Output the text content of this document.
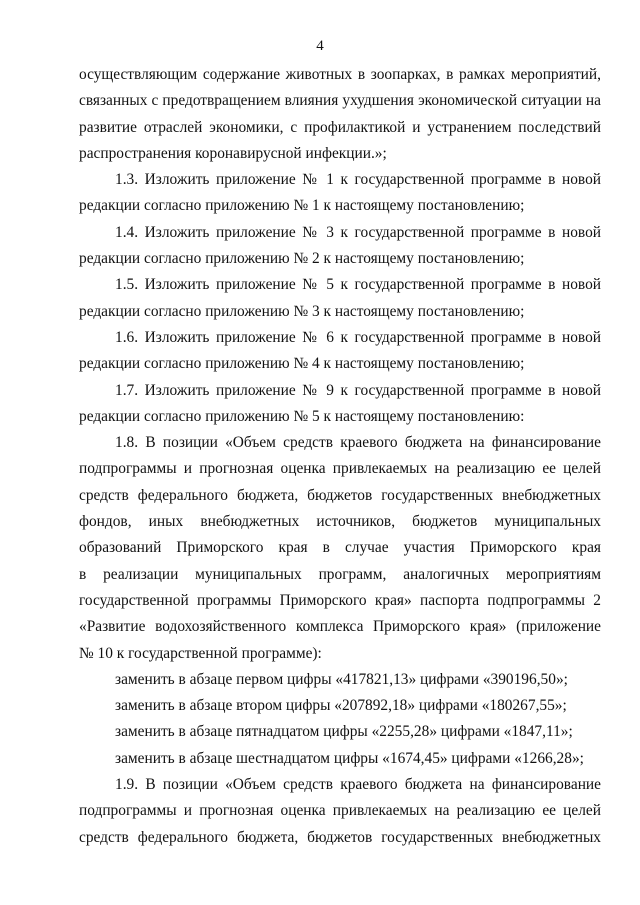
4
осуществляющим содержание животных в зоопарках, в рамках мероприятий,
связанных с предотвращением влияния ухудшения экономической ситуации на
развитие отраслей экономики, с профилактикой и устранением последствий
распространения коронавирусной инфекции.»;
1.3. Изложить приложение № 1 к государственной программе в новой
редакции согласно приложению № 1 к настоящему постановлению;
1.4. Изложить приложение № 3 к государственной программе в новой
редакции согласно приложению № 2 к настоящему постановлению;
1.5. Изложить приложение № 5 к государственной программе в новой
редакции согласно приложению № 3 к настоящему постановлению;
1.6. Изложить приложение № 6 к государственной программе в новой
редакции согласно приложению № 4 к настоящему постановлению;
1.7. Изложить приложение № 9 к государственной программе в новой
редакции согласно приложению № 5 к настоящему постановлению:
1.8. В позиции «Объем средств краевого бюджета на финансирование
подпрограммы и прогнозная оценка привлекаемых на реализацию ее целей
средств федерального бюджета, бюджетов государственных внебюджетных
фондов, иных внебюджетных источников, бюджетов муниципальных
образований Приморского края в случае участия Приморского края
в реализации муниципальных программ, аналогичных мероприятиям
государственной программы Приморского края» паспорта подпрограммы 2
«Развитие водохозяйственного комплекса Приморского края» (приложение
№ 10 к государственной программе):
заменить в абзаце первом цифры «417821,13» цифрами «390196,50»;
заменить в абзаце втором цифры «207892,18» цифрами «180267,55»;
заменить в абзаце пятнадцатом цифры «2255,28» цифрами «1847,11»;
заменить в абзаце шестнадцатом цифры «1674,45» цифрами «1266,28»;
1.9. В позиции «Объем средств краевого бюджета на финансирование
подпрограммы и прогнозная оценка привлекаемых на реализацию ее целей
средств федерального бюджета, бюджетов государственных внебюджетных
